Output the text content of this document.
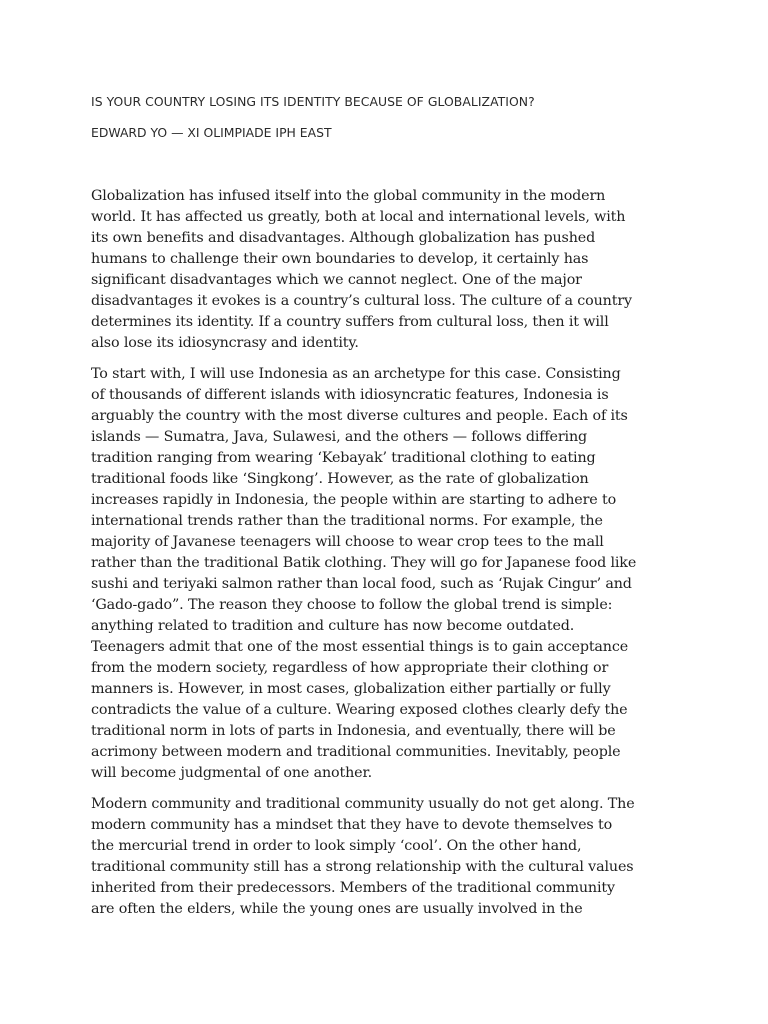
IS YOUR COUNTRY LOSING ITS IDENTITY BECAUSE OF GLOBALIZATION?
EDWARD YO — XI OLIMPIADE IPH EAST

Globalization has infused itself into the global community in the modern
world. It has affected us greatly, both at local and international levels, with
its own benefits and disadvantages. Although globalization has pushed
humans to challenge their own boundaries to develop, it certainly has
significant disadvantages which we cannot neglect. One of the major
disadvantages it evokes is a country’s cultural loss. The culture of a country
determines its identity. If a country suffers from cultural loss, then it will
also lose its idiosyncrasy and identity.

To start with, I will use Indonesia as an archetype for this case. Consisting
of thousands of different islands with idiosyncratic features, Indonesia is
arguably the country with the most diverse cultures and people. Each of its
islands — Sumatra, Java, Sulawesi, and the others — follows differing
tradition ranging from wearing ‘Kebayak’ traditional clothing to eating
traditional foods like ‘Singkong’. However, as the rate of globalization
increases rapidly in Indonesia, the people within are starting to adhere to
international trends rather than the traditional norms. For example, the
majority of Javanese teenagers will choose to wear crop tees to the mall
rather than the traditional Batik clothing. They will go for Japanese food like
sushi and teriyaki salmon rather than local food, such as ‘Rujak Cingur’ and
‘Gado-gado”. The reason they choose to follow the global trend is simple:
anything related to tradition and culture has now become outdated.
Teenagers admit that one of the most essential things is to gain acceptance
from the modern society, regardless of how appropriate their clothing or
manners is. However, in most cases, globalization either partially or fully
contradicts the value of a culture. Wearing exposed clothes clearly defy the
traditional norm in lots of parts in Indonesia, and eventually, there will be
acrimony between modern and traditional communities. Inevitably, people
will become judgmental of one another.

Modern community and traditional community usually do not get along. The
modern community has a mindset that they have to devote themselves to
the mercurial trend in order to look simply ‘cool’. On the other hand,
traditional community still has a strong relationship with the cultural values
inherited from their predecessors. Members of the traditional community
are often the elders, while the young ones are usually involved in the
